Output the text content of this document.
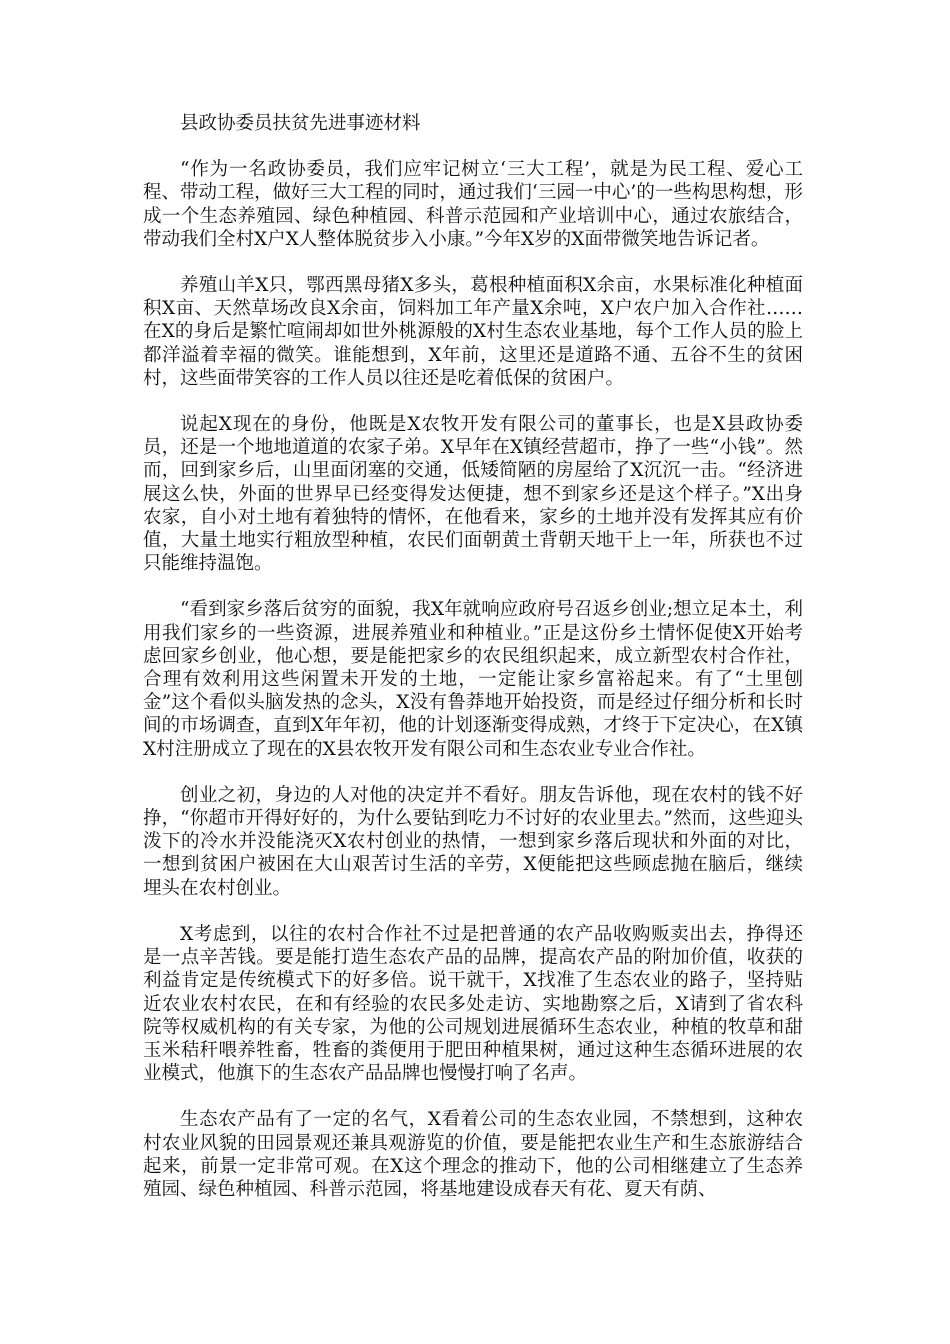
县政协委员扶贫先进事迹材料

“作为一名政协委员，我们应牢记树立‘三大工程’，就是为民工程、爱心工程、带动工程，做好三大工程的同时，通过我们‘三园一中心’的一些构思构想，形成一个生态养殖园、绿色种植园、科普示范园和产业培训中心，通过农旅结合，带动我们全村X户X人整体脱贫步入小康。”今年X岁的X面带微笑地告诉记者。

养殖山羊X只，鄂西黑母猪X多头，葛根种植面积X余亩，水果标准化种植面积X亩、天然草场改良X余亩，饲料加工年产量X余吨，X户农户加入合作社……在X的身后是繁忙喧闹却如世外桃源般的X村生态农业基地，每个工作人员的脸上都洋溢着幸福的微笑。谁能想到，X年前，这里还是道路不通、五谷不生的贫困村，这些面带笑容的工作人员以往还是吃着低保的贫困户。

说起X现在的身份，他既是X农牧开发有限公司的董事长，也是X县政协委员，还是一个地地道道的农家子弟。X早年在X镇经营超市，挣了一些“小钱”。然而，回到家乡后，山里面闭塞的交通，低矮简陋的房屋给了X沉沉一击。“经济进展这么快，外面的世界早已经变得发达便捷，想不到家乡还是这个样子。”X出身农家，自小对土地有着独特的情怀，在他看来，家乡的土地并没有发挥其应有价值，大量土地实行粗放型种植，农民们面朝黄土背朝天地干上一年，所获也不过只能维持温饱。

“看到家乡落后贫穷的面貌，我X年就响应政府号召返乡创业;想立足本土，利用我们家乡的一些资源，进展养殖业和种植业。”正是这份乡土情怀促使X开始考虑回家乡创业，他心想，要是能把家乡的农民组织起来，成立新型农村合作社，合理有效利用这些闲置未开发的土地，一定能让家乡富裕起来。有了“土里刨金”这个看似头脑发热的念头，X没有鲁莽地开始投资，而是经过仔细分析和长时间的市场调查，直到X年年初，他的计划逐渐变得成熟，才终于下定决心，在X镇X村注册成立了现在的X县农牧开发有限公司和生态农业专业合作社。

创业之初，身边的人对他的决定并不看好。朋友告诉他，现在农村的钱不好挣，“你超市开得好好的，为什么要钻到吃力不讨好的农业里去。”然而，这些迎头泼下的冷水并没能浇灭X农村创业的热情，一想到家乡落后现状和外面的对比，一想到贫困户被困在大山艰苦讨生活的辛劳，X便能把这些顾虑抛在脑后，继续埋头在农村创业。

X考虑到，以往的农村合作社不过是把普通的农产品收购贩卖出去，挣得还是一点辛苦钱。要是能打造生态农产品的品牌，提高农产品的附加价值，收获的利益肯定是传统模式下的好多倍。说干就干，X找准了生态农业的路子，坚持贴近农业农村农民，在和有经验的农民多处走访、实地勘察之后，X请到了省农科院等权威机构的有关专家，为他的公司规划进展循环生态农业，种植的牧草和甜玉米秸秆喂养牲畜，牲畜的粪便用于肥田种植果树，通过这种生态循环进展的农业模式，他旗下的生态农产品品牌也慢慢打响了名声。

生态农产品有了一定的名气，X看着公司的生态农业园，不禁想到，这种农村农业风貌的田园景观还兼具观游览的价值，要是能把农业生产和生态旅游结合起来，前景一定非常可观。在X这个理念的推动下，他的公司相继建立了生态养殖园、绿色种植园、科普示范园，将基地建设成春天有花、夏天有荫、
